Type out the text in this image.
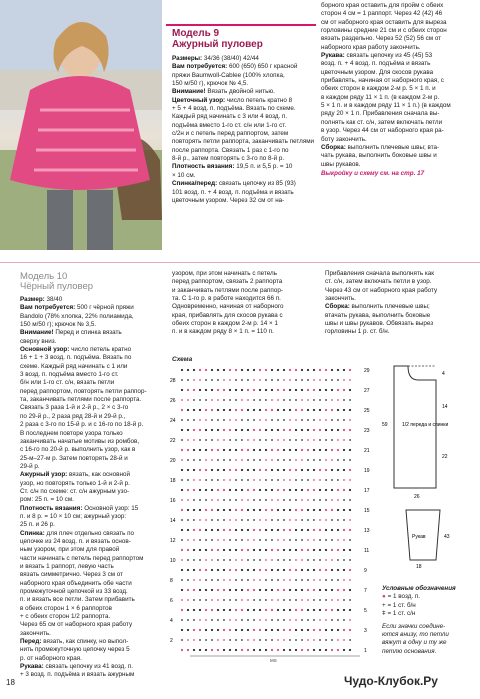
Модель 9
Ажурный пуловер
Размеры: 34/36 (38/40) 42/44
Вам потребуется: 600 (650) 650 г красной
пряжи Baumwoll-Cablee (100% хлопка,
150 м/50 г), крючок № 4,5.
Внимание! Вязать двойной нитью.
Цветочный узор: число петель кратно 8
+ 5 + 4 возд. п. подъёма. Вязать по схеме.
Каждый ряд начинать с 3 или 4 возд. п.
подъёма вместо 1-го ст. с/н или 1-го ст.
с/2н и с петель перед раппортом, затем
повторять петли раппорта, заканчивать петлями
после раппорта. Связать 1 раз с 1-го по
8-й р., затем повторять с 3-го по 8-й р.
Плотность вязания: 19,5 п. и 5,5 р. = 10
× 10 см.
Спинка/перед: связать цепочку из 85 (93)
101 возд. п. + 4 возд. п. подъёма и вязать
цветочным узором. Через 32 см от на-
борного края оставить для пройм с обеих
сторон 4 см = 1 раппорт. Через 42 (42) 46
см от наборного края оставить для выреза
горловины средние 21 см и с обеих сторон
вязать раздельно. Через 52 (52) 56 см от
наборного края работу закончить.
Рукава: связать цепочку из 45 (45) 53
возд. п. + 4 возд. п. подъёма и вязать
цветочным узором. Для скосов рукава
прибавлять, начиная от наборного края, с
обеих сторон в каждом 2-м р. 5 × 1 п. и
в каждом ряду 11 × 1 п. (в каждом 2-м р.
5 × 1 п. и в каждом ряду 11 × 1 п.) (в каждом
ряду 20 × 1 п. Прибавления сначала вы-
полнять как ст. с/н, затем включать петли
в узор. Через 44 см от наборного края ра-
боту закончить.
Сборка: выполнить плечевые швы; вта-
чать рукава, выполнить боковые швы и
швы рукавов.
Выкройку и схему см. на стр. 17
Модель 10
Чёрный пуловер
Размер: 38/40
Вам потребуется: 500 г чёрной пряжи
Bandolo (78% хлопка, 22% полиамида,
150 м/50 г); крючок № 3,5.
Внимание! Перед и спинка вязать
сверху вниз.
Основной узор: число петель кратно
16 + 1 + 3 возд. п. подъёма. Вязать по
схеме. Каждый ряд начинать с 1 или
3 возд. п. подъёма вместо 1-го ст.
б/н или 1-го ст. с/н, вязать петли
перед раппортом, повторять петли раппор-
та, заканчивать петлями после раппорта.
Связать 3 раза 1-й и 2-й р., 2 × с 3-го
по 29-й р., 2 раза ряд 28-й и 29-й р.,
2 раза с 3-го по 15-й р. и с 16-го по 18-й р.
В последнем повторе узора только
заканчивать начатые мотивы из ромбов,
с 16-го по 20-й р. выполнить узор, как в
25-м–27-м р. Затем повторять 28-й и
29-й р.
Ажурный узор: вязать, как основной
узор, но повторять только 1-й и 2-й р.
Ст. с/н по схеме: ст. с/н ажурным узо-
ром: 25 п. = 10 см.
Плотность вязания: Основной узор: 15
п. и 8 р. = 10 × 10 см; ажурный узор:
25 п. и 26 р.
Спинка: для плеч отдельно связать по
цепочке из 24 возд. п. и вязать основ-
ным узором, при этом для правой
части начинать с петель перед раппортом
и вязать 1 раппорт, левую часть
вязать симметрично. Через 3 см от
наборного края объединить обе части
промежуточной цепочкой из 33 возд.
п. и вязать все петли. Затем прибавить
в обеих сторон 1 × 6 раппортов
+ с обеих сторон 1/2 раппорта.
Через 65 см от наборного края работу
закончить.
Перед: вязать, как спинку, но выпол-
нить промежуточную цепочку через 5
р. от наборного края.
Рукава: связать цепочку из 41 возд. п.
+ 3 возд. п. подъёма и вязать ажурным
узором, при этом начинать с петель
перед раппортом, связать 2 раппорта
и заканчивать петлями после раппор-
та. С 1-го р. в работе находится 66 п.
Одновременно, начиная от наборного
края, прибавлять для скосов рукава с
обеих сторон в каждом 2-м р. 14 × 1
п. и в каждом ряду 8 × 1 п. = 110 п.
Прибавления сначала выполнять как
ст. с/н, затем включать петли в узор.
Через 43 см от наборного края работу
закончить.
Сборка: выполнить плечевые швы;
втачать рукава, выполнить боковые
швы и швы рукавов. Обвязать вырез
горловины 1 р. ст. б/н.
Схема
29
27
25
23
21
19
17
15
13
11
9
7
5
3
1
28
26
24
22
20
18
16
14
12
10
8
6
4
2
МS
1/2 переда и спинки
59
4
14
22
26
Рукав	43
18
Условные обозначения
● = 1 возд. п.
+ = 1 ст. б/н
ǂ = 1 ст. с/н
Если значки соедине-
ются внизу, то петли
вяжут в одну и ту же
петлю основания.
18	Чудо-Клубок.Ру
